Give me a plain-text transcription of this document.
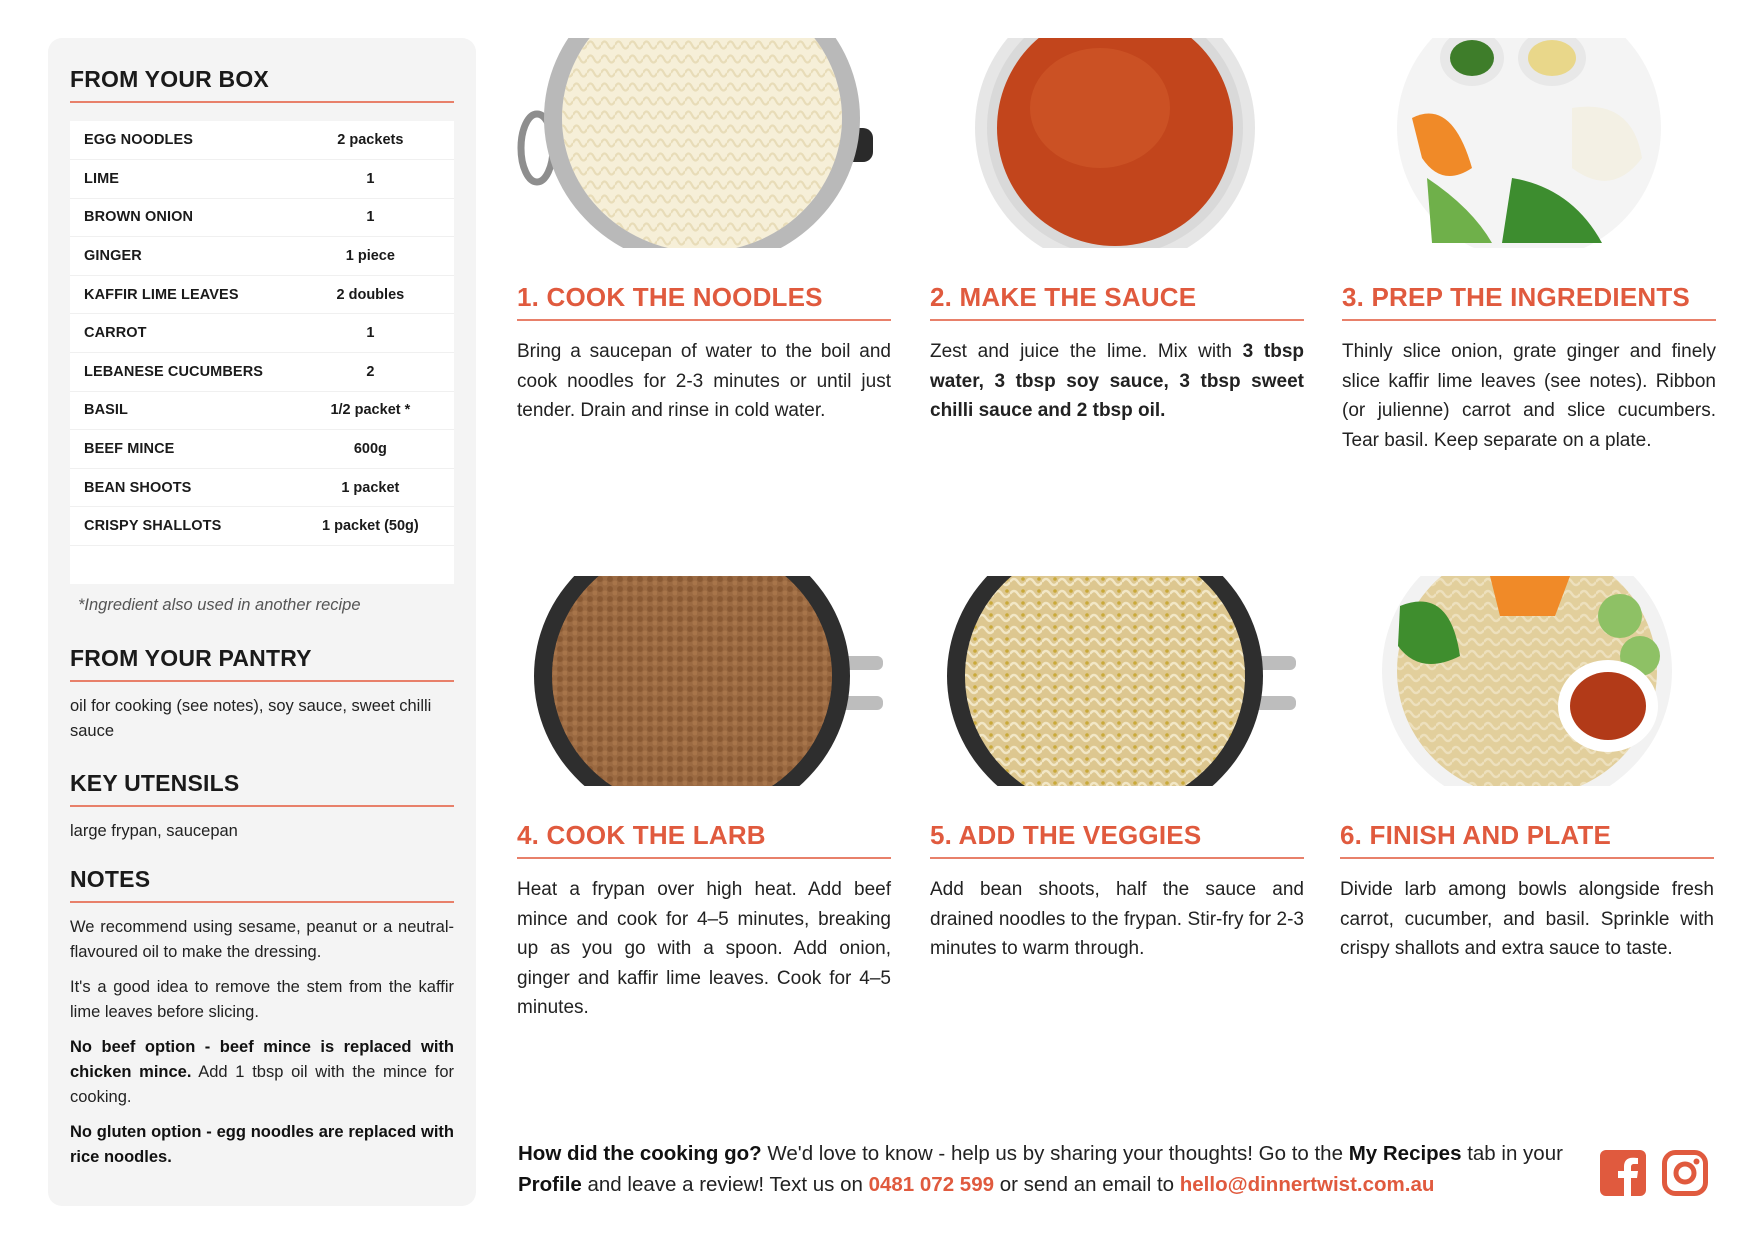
FROM YOUR BOX
EGG NOODLES	2 packets
LIME	1
BROWN ONION	1
GINGER	1 piece
KAFFIR LIME LEAVES	2 doubles
CARROT	1
LEBANESE CUCUMBERS	2
BASIL	1/2 packet *
BEEF MINCE	600g
BEAN SHOOTS	1 packet
CRISPY SHALLOTS	1 packet (50g)

*Ingredient also used in another recipe
FROM YOUR PANTRY
oil for cooking (see notes), soy sauce, sweet chilli sauce
KEY UTENSILS
large frypan, saucepan
NOTES

We recommend using sesame, peanut or a neutral-flavoured oil to make the dressing.

It's a good idea to remove the stem from the kaffir lime leaves before slicing.

No beef option - beef mince is replaced with chicken mince. Add 1 tbsp oil with the mince for cooking.

No gluten option - egg noodles are replaced with rice noodles.

1. COOK THE NOODLES
Bring a saucepan of water to the boil and cook noodles for 2-3 minutes or until just tender. Drain and rinse in cold water.
2. MAKE THE SAUCE
Zest and juice the lime. Mix with 3 tbsp water, 3 tbsp soy sauce, 3 tbsp sweet chilli sauce and 2 tbsp oil.
3. PREP THE INGREDIENTS
Thinly slice onion, grate ginger and finely slice kaffir lime leaves (see notes). Ribbon (or julienne) carrot and slice cucumbers. Tear basil. Keep separate on a plate.
4. COOK THE LARB
Heat a frypan over high heat. Add beef mince and cook for 4–5 minutes, breaking up as you go with a spoon. Add onion, ginger and kaffir lime leaves. Cook for 4–5 minutes.
5. ADD THE VEGGIES
Add bean shoots, half the sauce and drained noodles to the frypan. Stir-fry for 2-3 minutes to warm through.
6. FINISH AND PLATE
Divide larb among bowls alongside fresh carrot, cucumber, and basil. Sprinkle with crispy shallots and extra sauce to taste.
How did the cooking go? We'd love to know - help us by sharing your thoughts! Go to the My Recipes tab in your Profile and leave a review! Text us on 0481 072 599 or send an email to hello@dinnertwist.com.au
